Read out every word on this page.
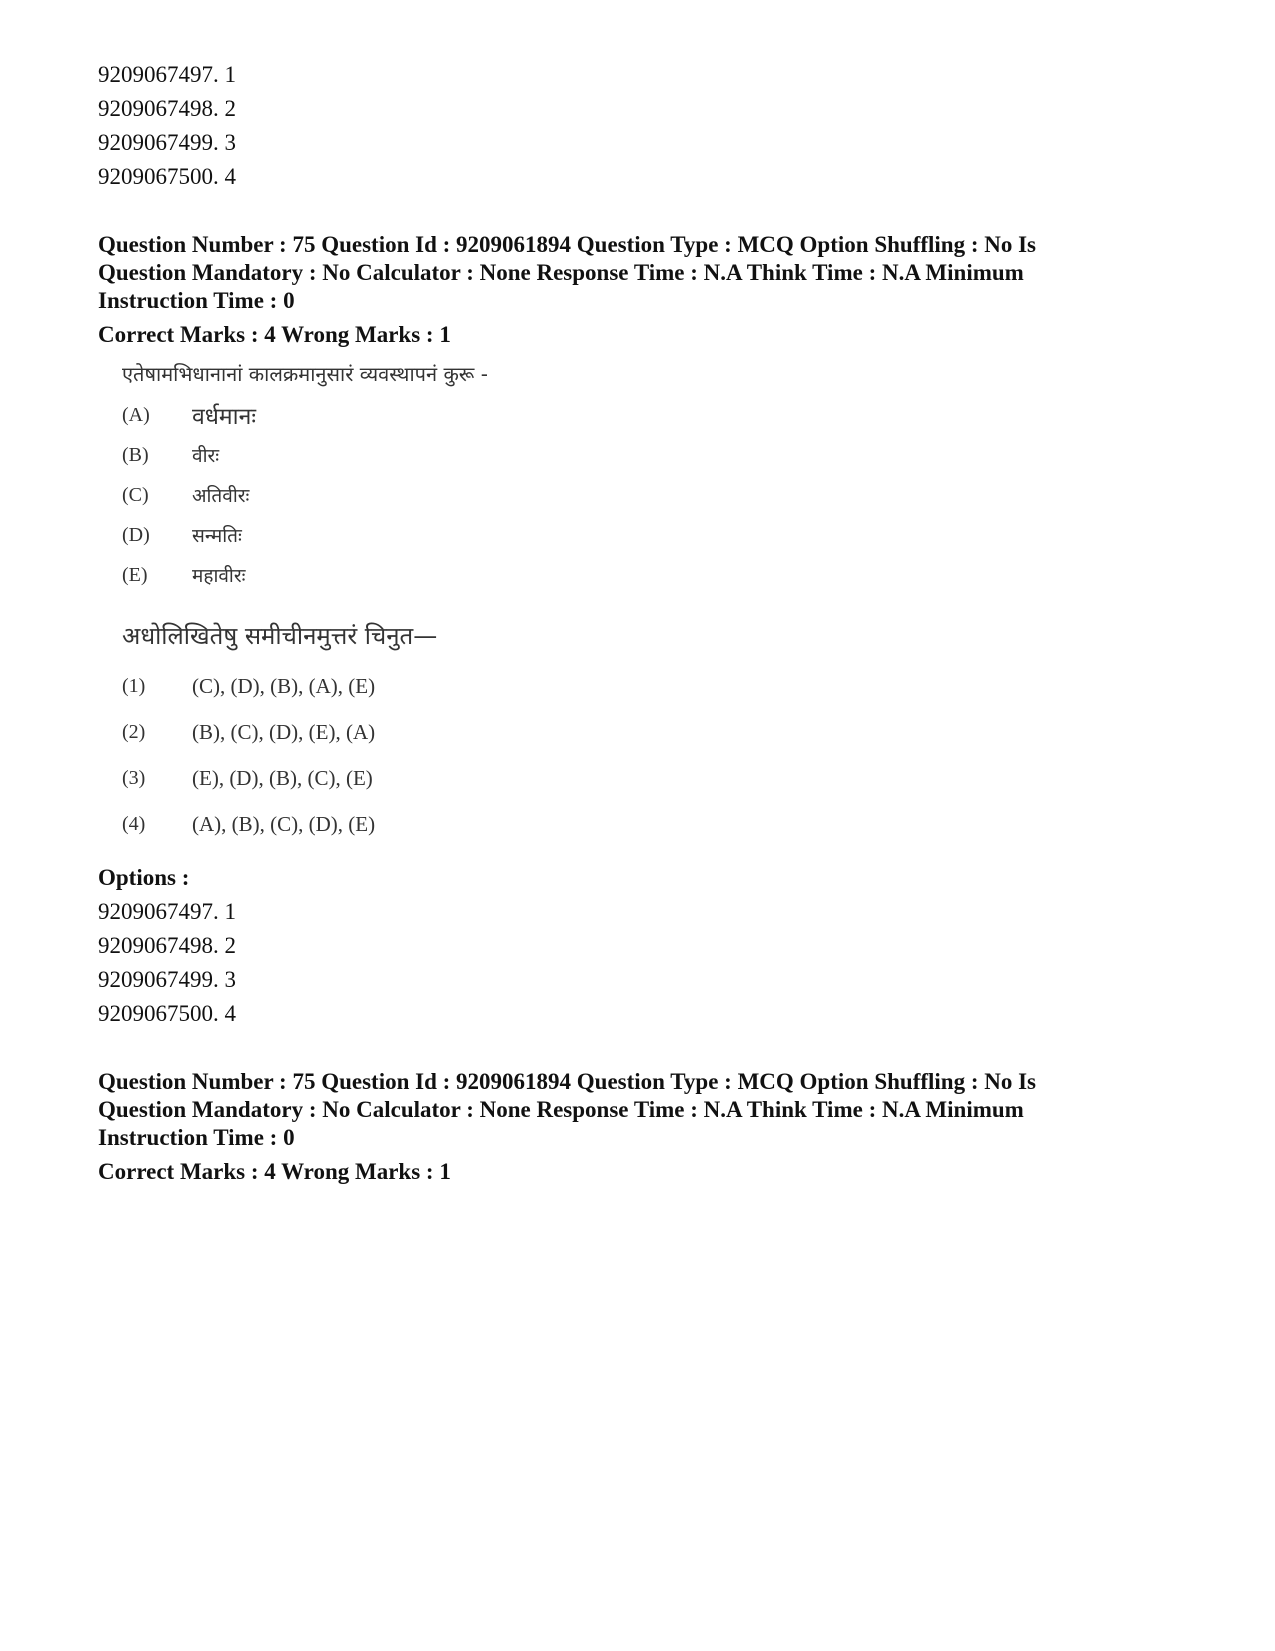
9209067497. 1
9209067498. 2
9209067499. 3
9209067500. 4
Question Number : 75 Question Id : 9209061894 Question Type : MCQ Option Shuffling : No Is
Question Mandatory : No Calculator : None Response Time : N.A Think Time : N.A Minimum
Instruction Time : 0
Correct Marks : 4 Wrong Marks : 1
एतेषामभिधानानां कालक्रमानुसारं व्यवस्थापनं कुरू -
(A)	वर्धमानः
(B)	वीरः
(C)	अतिवीरः
(D)	सन्मतिः
(E)	महावीरः
अधोलिखितेषु समीचीनमुत्तरं चिनुत—
(1)	(C), (D), (B), (A), (E)
(2)	(B), (C), (D), (E), (A)
(3)	(E), (D), (B), (C), (E)
(4)	(A), (B), (C), (D), (E)
Options :
9209067497. 1
9209067498. 2
9209067499. 3
9209067500. 4
Question Number : 75 Question Id : 9209061894 Question Type : MCQ Option Shuffling : No Is
Question Mandatory : No Calculator : None Response Time : N.A Think Time : N.A Minimum
Instruction Time : 0
Correct Marks : 4 Wrong Marks : 1
